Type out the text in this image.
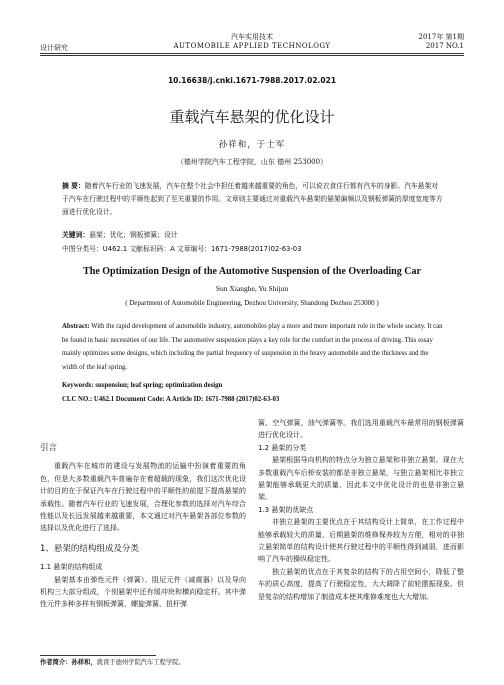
设计研究
汽车实用技术
AUTOMOBILE APPLIED TECHNOLOGY
2017年 第1期
2017 NO.1
10.16638/j.cnki.1671-7988.2017.02.021
重载汽车悬架的优化设计
孙祥和，于士军
（德州学院汽车工程学院，山东 德州 253000）
摘 要：随着汽车行业的飞速发展，汽车在整个社会中担任着越来越重要的角色，可以说衣食住行都有汽车的身影。汽车悬架对于汽车在行驶过程中的平顺性起到了至关重要的作用。文章则主要通过对重载汽车悬架的悬架偏频以及钢板弹簧的厚度宽度等方面进行优化设计。
关键词：悬架；优化；钢板弹簧；设计
中图分类号：U462.1 文献标识码：A 文章编号：1671-7988(2017)02-63-03
The Optimization Design of the Automotive Suspension of the Overloading Car
Sun Xianghe, Yu Shijun
( Department of Automobile Engineering, Dezhou University, Shandong Dezhou 253000 )
Abstract: With the rapid development of automobile industry, automobiles play a more and more important role in the whole society. It can be found in basic necessities of our life. The automotive suspension plays a key role for the comfort in the process of driving. This essay mainly optimizes some designs, which including the partial frequency of suspension in the heavy automobile and the thickness and the width of the leaf spring.
Keywords: suspension; leaf spring; optimization design
CLC NO.: U462.1 Document Code: A Article ID: 1671-7988 (2017)02-63-03
引言

重载汽车在城市的建设与发展物流的运输中扮演着重要的角色，但是大多数重载汽车普遍存在着超载的现象，我们这次优化设计的目的在于保证汽车在行驶过程中的平顺性的前提下提高悬架的承载性。随着汽车行业的飞速发展，合理化参数的选择对汽车综合性能以及长远发展越来越重要，本文通过对汽车悬架各部位参数的选择以及优化进行了选择。

1、悬架的结构组成及分类
1.1 悬架的结构组成

悬架基本由弹性元件（弹簧）、阻尼元件（减震器）以及导向机构三大部分组成，个别悬架中还有缓冲块和横向稳定杆。其中弹性元件多种多样有钢板弹簧、螺旋弹簧、扭杆弹

簧、空气弹簧、油气弹簧等。我们选用重载汽车最常用的钢板弹簧进行优化设计。

1.2 悬架的分类

悬架根据导向机构的特点分为独立悬架和非独立悬架。现在大多数重载汽车后桥安装的都是非独立悬架，与独立悬架相比非独立悬架能够承载更大的质量，因此本文中优化设计的也是非独立悬架。

1.3 悬架的优缺点

非独立悬架的主要优点在于其结构设计上简单，在工作过程中能够承载较大的质量，后期悬架的维修保养较为方便，相对的非独立悬架简单的结构设计使其行驶过程中的平顺性得到减弱，进而影响了汽车的操纵稳定性。

独立悬架的优点在于其复杂的结构下的占用空间小，降低了整车的质心高度，提高了行驶稳定性，大大调降了前轮摆振现象。但是复杂的结构增加了制造成本使其维修难度也大大增加。

作者简介：孙祥和，就读于德州学院汽车工程学院。
